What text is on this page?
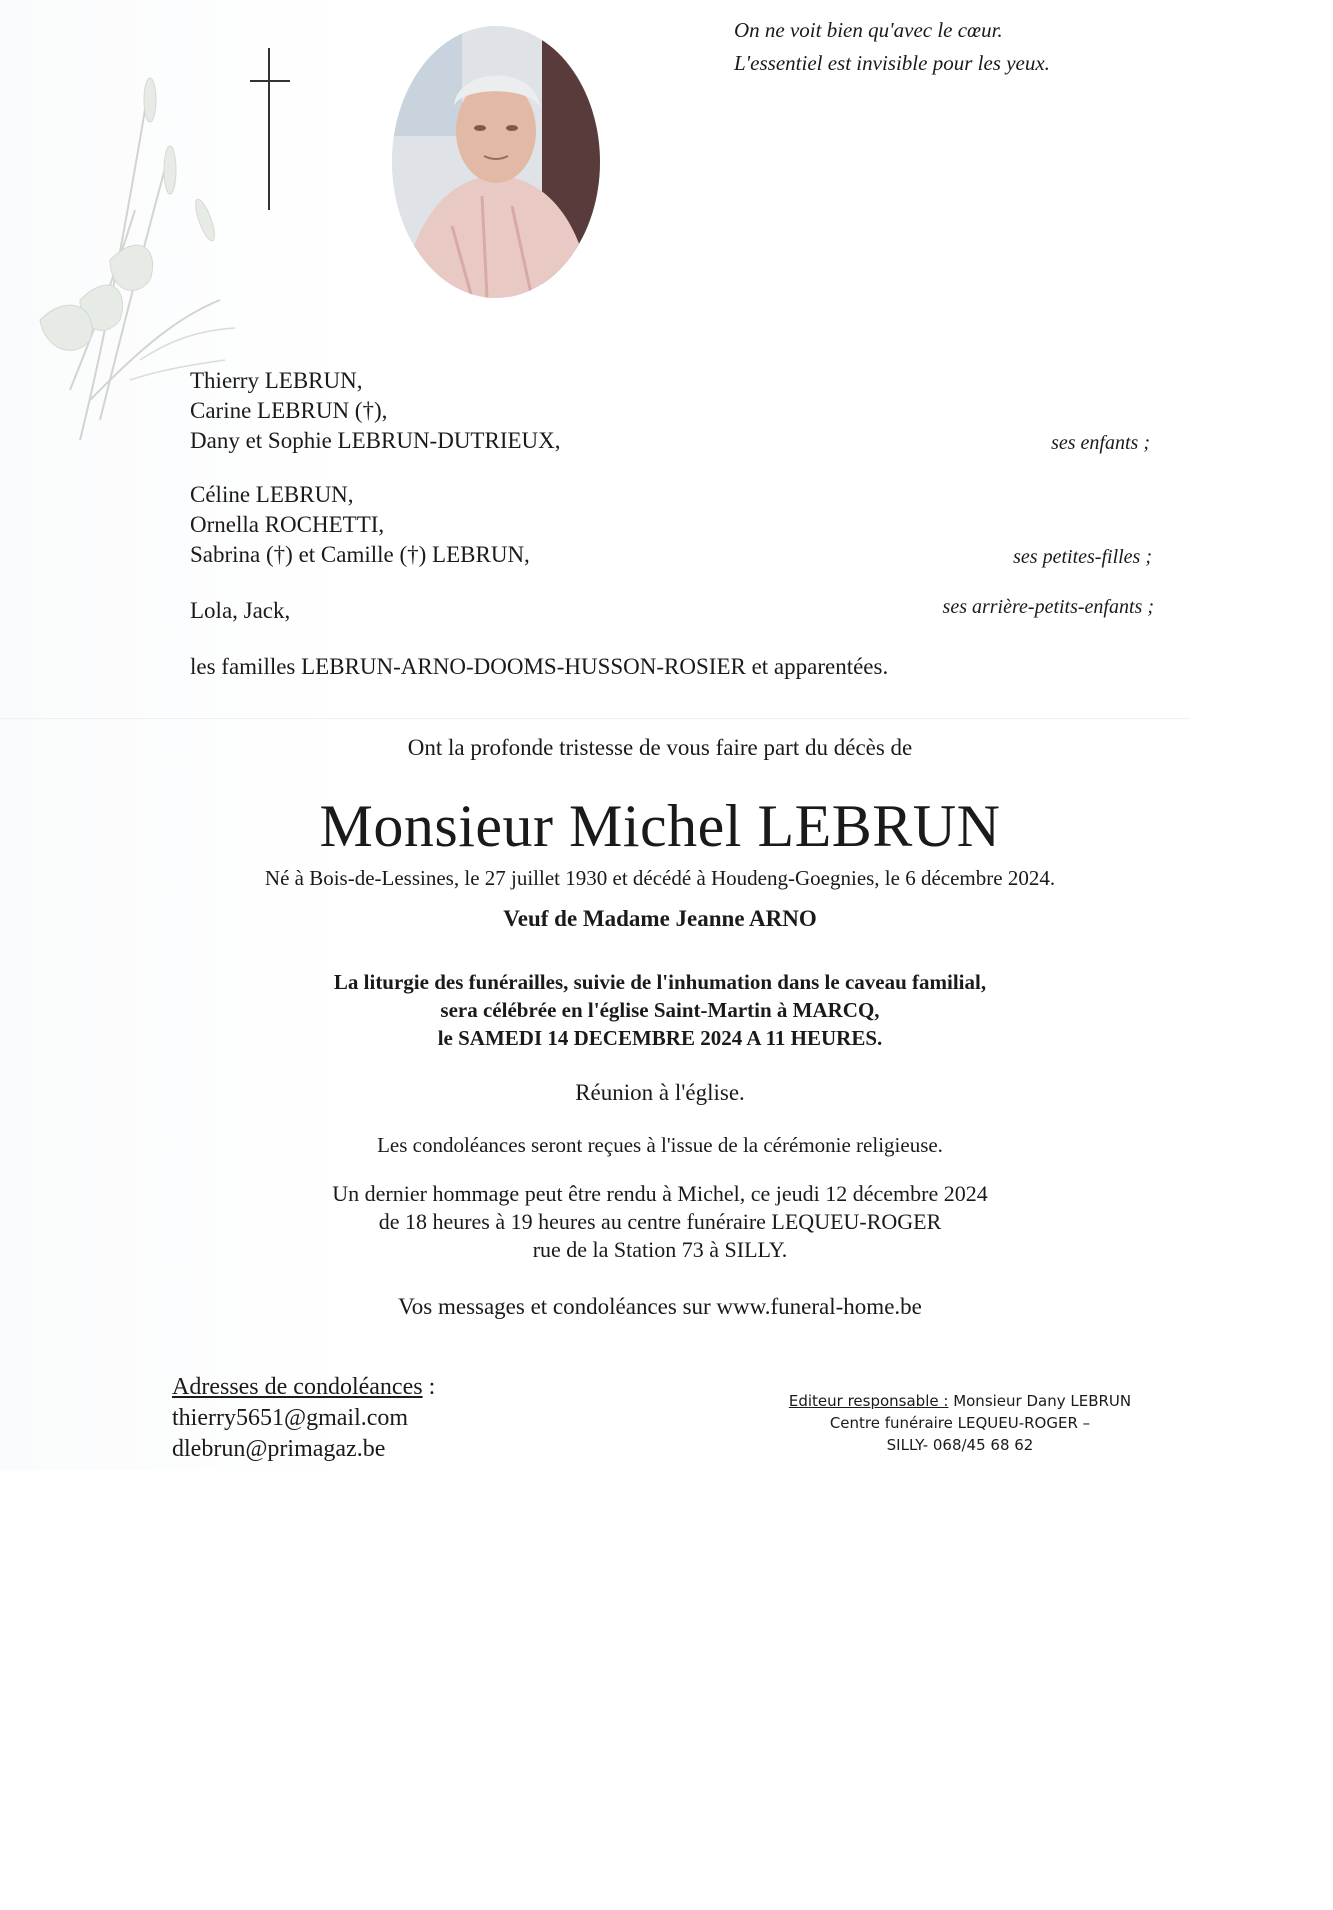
On ne voit bien qu'avec le cœur.
L'essentiel est invisible pour les yeux.
Thierry LEBRUN,
Carine LEBRUN (†),
Dany et Sophie LEBRUN-DUTRIEUX,	ses enfants ;
Céline LEBRUN,
Ornella ROCHETTI,
Sabrina (†) et Camille (†) LEBRUN,	ses petites-filles ;
Lola, Jack,	ses arrière-petits-enfants ;
les familles LEBRUN-ARNO-DOOMS-HUSSON-ROSIER et apparentées.
Ont la profonde tristesse de vous faire part du décès de
Monsieur Michel LEBRUN
Né à Bois-de-Lessines, le 27 juillet 1930 et décédé à Houdeng-Goegnies, le 6 décembre 2024.
Veuf de Madame Jeanne ARNO
La liturgie des funérailles, suivie de l'inhumation dans le caveau familial,
sera célébrée en l'église Saint-Martin à MARCQ,
le SAMEDI 14 DECEMBRE 2024 A 11 HEURES.
Réunion à l'église.
Les condoléances seront reçues à l'issue de la cérémonie religieuse.
Un dernier hommage peut être rendu à Michel, ce jeudi 12 décembre 2024
de 18 heures à 19 heures au centre funéraire LEQUEU-ROGER
rue de la Station 73 à SILLY.
Vos messages et condoléances sur www.funeral-home.be
Adresses de condoléances :
thierry5651@gmail.com
dlebrun@primagaz.be
Editeur responsable : Monsieur Dany LEBRUN
Centre funéraire LEQUEU-ROGER –
SILLY- 068/45 68 62
